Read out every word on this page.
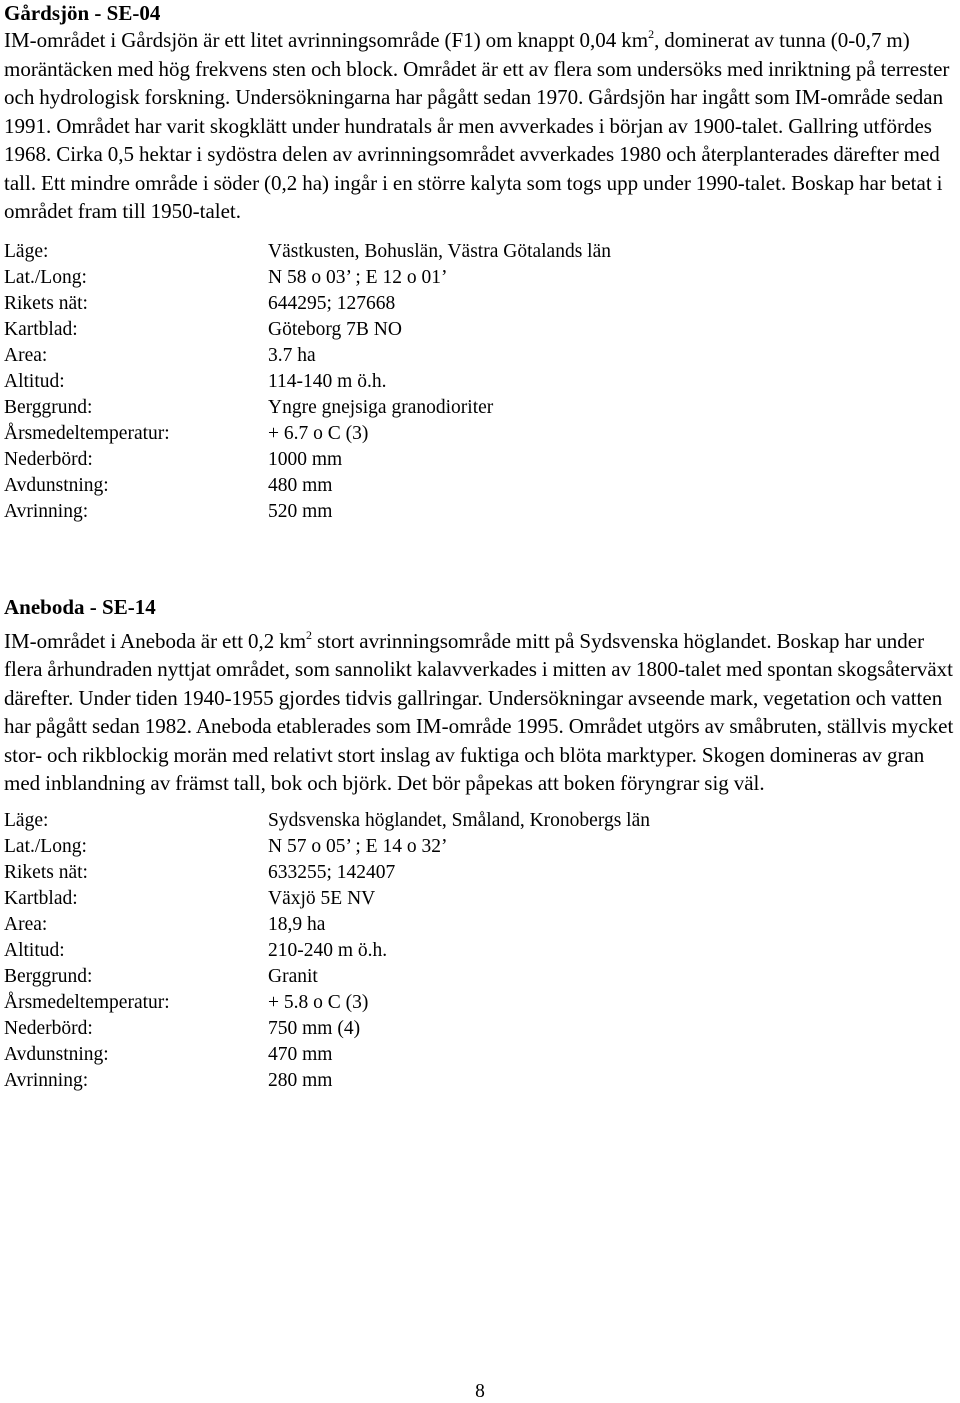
Gårdsjön - SE-04

IM-området i Gårdsjön är ett litet avrinningsområde (F1) om knappt 0,04 $km^2$, dominerat av tunna (0-0,7 m) moräntäcken med hög frekvens sten och block. Området är ett av flera som undersöks med inriktning på terrester och hydrologisk forskning. Undersökningarna har pågått sedan 1970. Gårdsjön har ingått som IM-område sedan 1991. Området har varit skogklätt under hundratals år men avverkades i början av 1900-talet. Gallring utfördes 1968. Cirka 0,5 hektar i sydöstra delen av avrinningsområdet avverkades 1980 och återplanterades därefter med tall. Ett mindre område i söder (0,2 ha) ingår i en större kalyta som togs upp under 1990-talet. Boskap har betat i området fram till 1950-talet.

Läge:	Västkusten, Bohuslän, Västra Götalands län
Lat./Long:	N 58 o 03’ ; E 12 o 01’
Rikets nät:	644295; 127668
Kartblad:	Göteborg 7B NO
Area:	3.7 ha
Altitud:	114-140 m ö.h.
Berggrund:	Yngre gnejsiga granodioriter
Årsmedeltemperatur:	+ 6.7 o C (3)
Nederbörd:	1000 mm
Avdunstning:	480 mm
Avrinning:	520 mm
Aneboda - SE-14

IM-området i Aneboda är ett 0,2 $km^2$ stort avrinningsområde mitt på Sydsvenska höglandet. Boskap har under flera århundraden nyttjat området, som sannolikt kalavverkades i mitten av 1800-talet med spontan skogsåterväxt därefter. Under tiden 1940-1955 gjordes tidvis gallringar. Undersökningar avseende mark, vegetation och vatten har pågått sedan 1982. Aneboda etablerades som IM-område 1995. Området utgörs av småbruten, ställvis mycket stor- och rikblockig morän med relativt stort inslag av fuktiga och blöta marktyper. Skogen domineras av gran med inblandning av främst tall, bok och björk. Det bör påpekas att boken föryngrar sig väl.

Läge:	Sydsvenska höglandet, Småland, Kronobergs län
Lat./Long:	N 57 o 05’ ; E 14 o 32’
Rikets nät:	633255; 142407
Kartblad:	Växjö 5E NV
Area:	18,9 ha
Altitud:	210-240 m ö.h.
Berggrund:	Granit
Årsmedeltemperatur:	+ 5.8 o C (3)
Nederbörd:	750 mm (4)
Avdunstning:	470 mm
Avrinning:	280 mm
8
